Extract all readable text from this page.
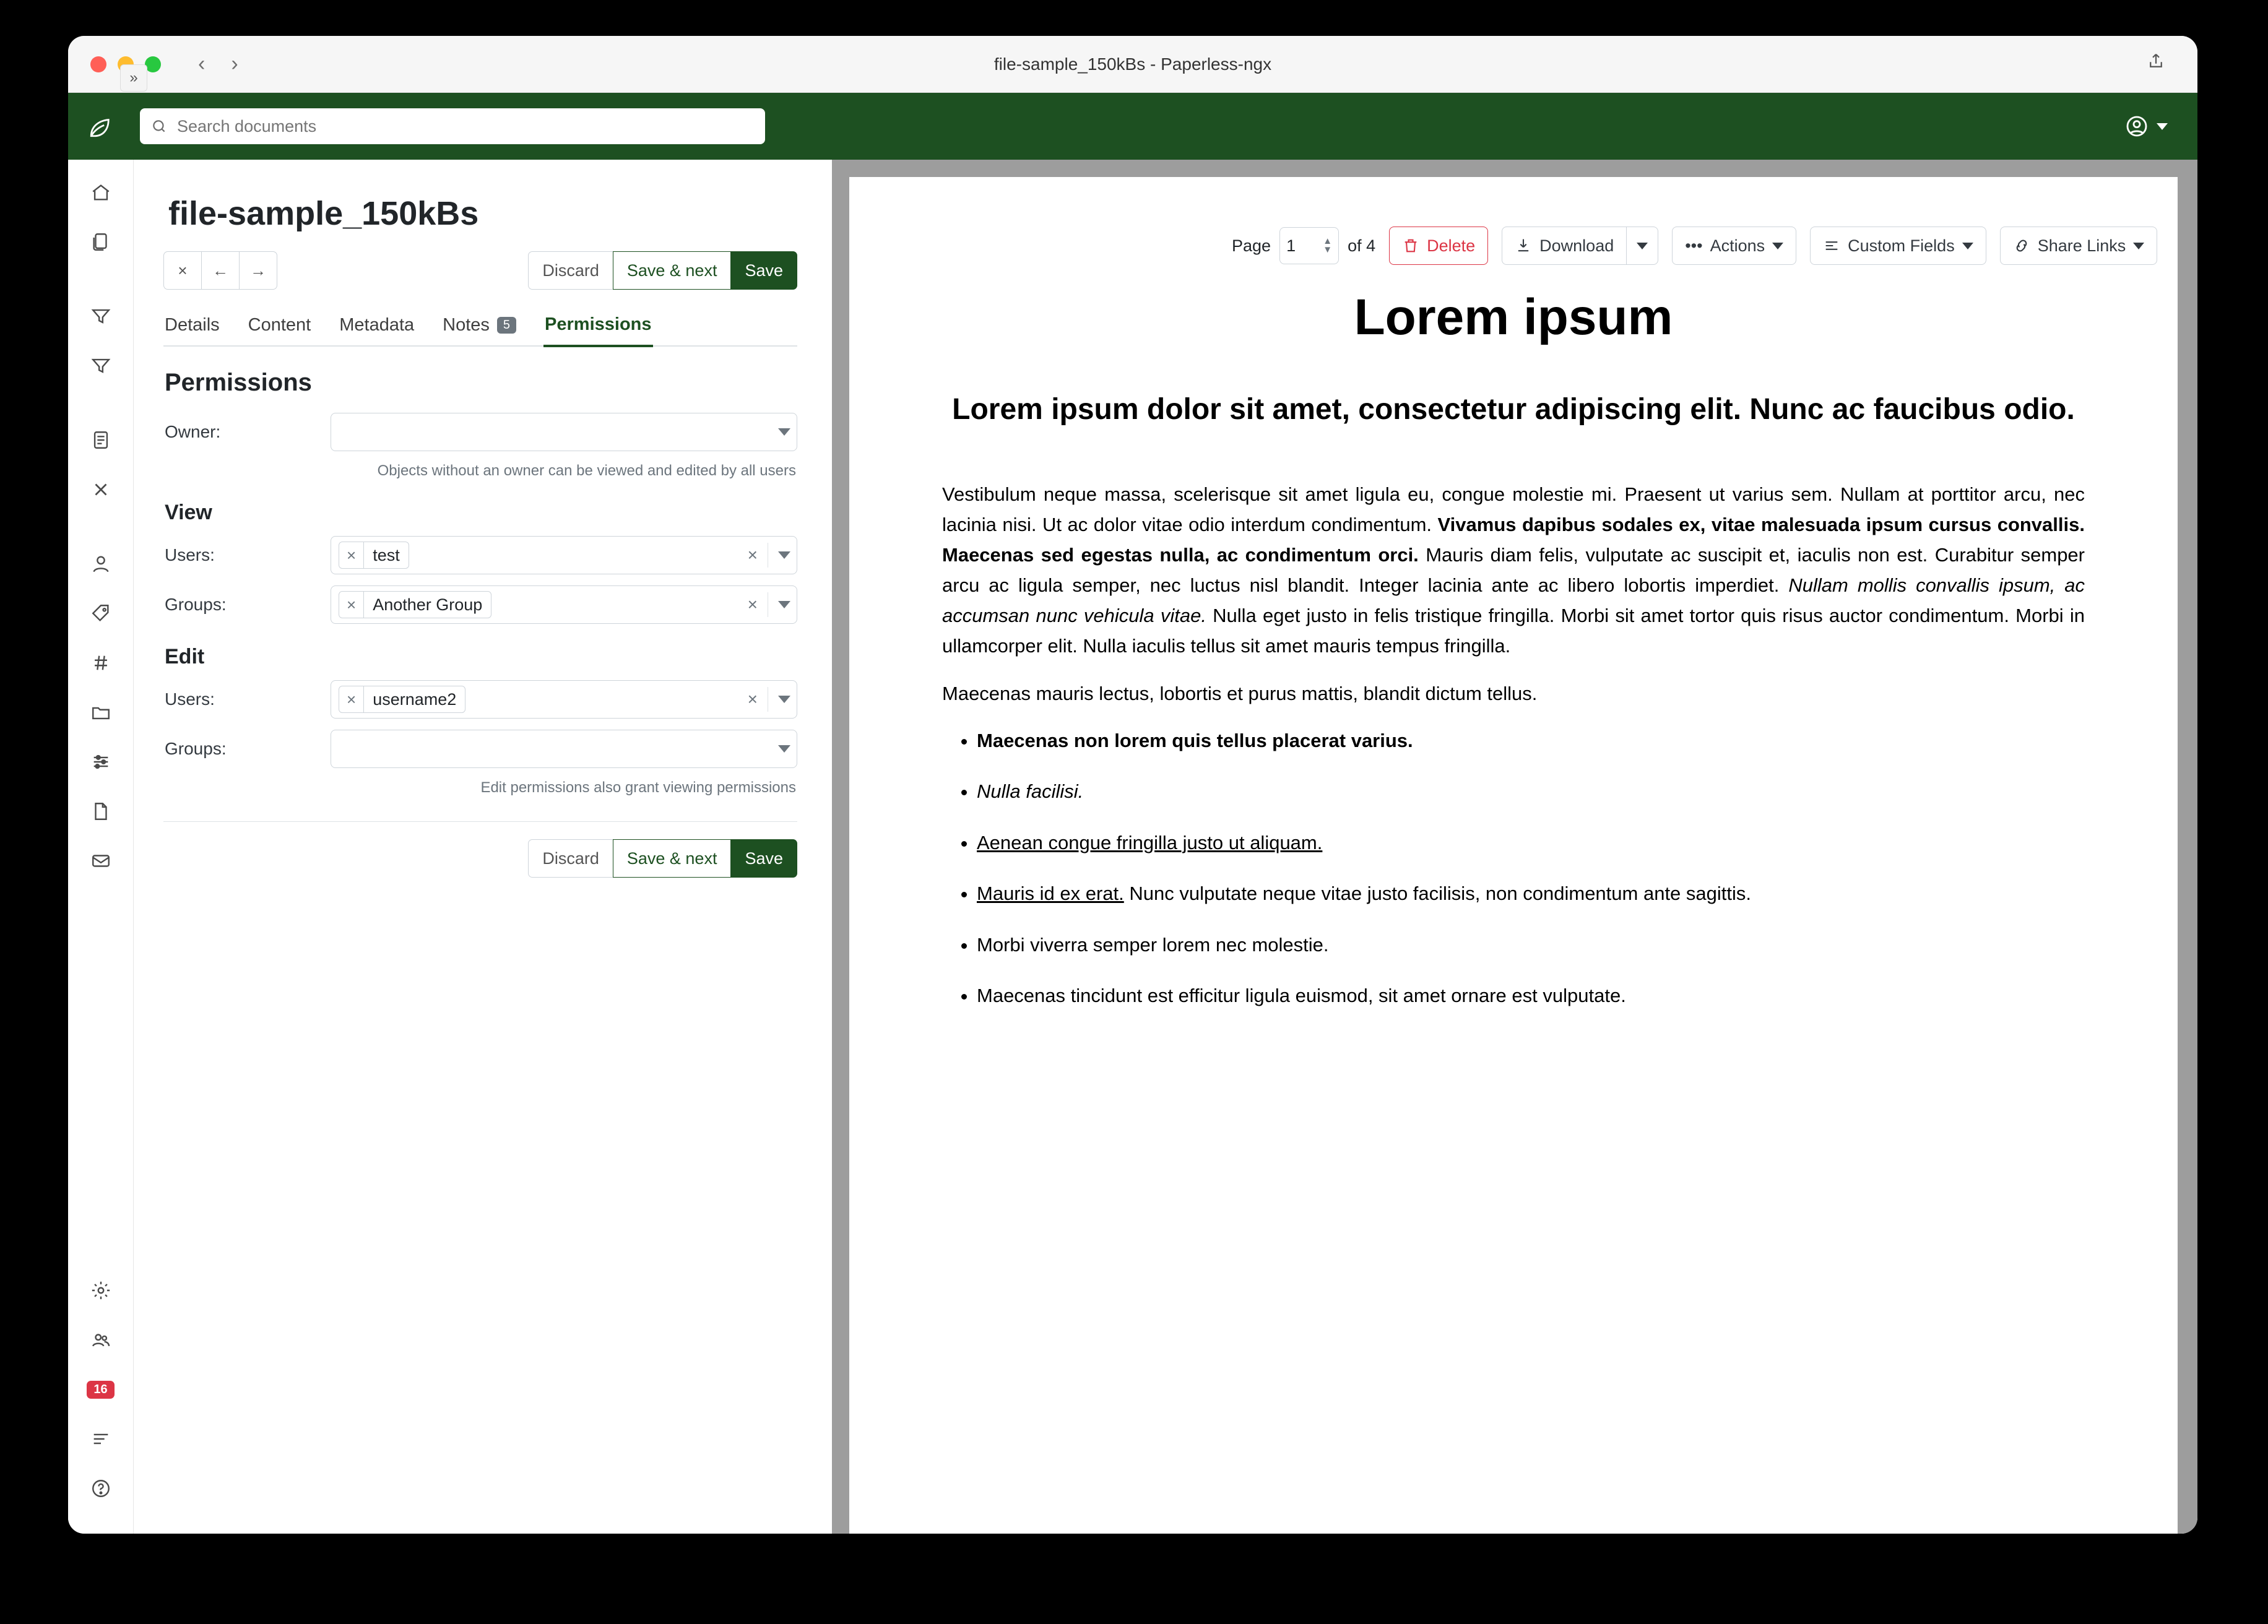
‹ ›	file-sample_150kBs - Paperless-ngx
Search documents
16
»
file-sample_150kBs
×	←	→	Discard	Save & next	Save
Details Content Metadata Notes	5	Permissions
Permissions
Owner:
Objects without an owner can be viewed and edited by all users
View
Users:	×	test	×
Groups:	×	Another Group	×
Edit
Users:	×	username2	×
Groups:
Edit permissions also grant viewing permissions
Discard	Save & next	Save
Lorem ipsum
Lorem ipsum dolor sit amet, consectetur adipiscing elit. Nunc ac faucibus odio.

Vestibulum neque massa, scelerisque sit amet ligula eu, congue molestie mi. Praesent ut varius sem. Nullam at porttitor arcu, nec lacinia nisi. Ut ac dolor vitae odio interdum condimentum. Vivamus dapibus sodales ex, vitae malesuada ipsum cursus convallis. Maecenas sed egestas nulla, ac condimentum orci. Mauris diam felis, vulputate ac suscipit et, iaculis non est. Curabitur semper arcu ac ligula semper, nec luctus nisl blandit. Integer lacinia ante ac libero lobortis imperdiet. Nullam mollis convallis ipsum, ac accumsan nunc vehicula vitae. Nulla eget justo in felis tristique fringilla. Morbi sit amet tortor quis risus auctor condimentum. Morbi in ullamcorper elit. Nulla iaculis tellus sit amet mauris tempus fringilla.

Maecenas mauris lectus, lobortis et purus mattis, blandit dictum tellus.

• Maecenas non lorem quis tellus placerat varius.
• Nulla facilisi.
• Aenean congue fringilla justo ut aliquam.
• Mauris id ex erat. Nunc vulputate neque vitae justo facilisis, non condimentum ante sagittis.
• Morbi viverra semper lorem nec molestie.
• Maecenas tincidunt est efficitur ligula euismod, sit amet ornare est vulputate.
Page 1	▲
▼ of 4	Delete	Download	••• Actions	Custom Fields	Share Links
